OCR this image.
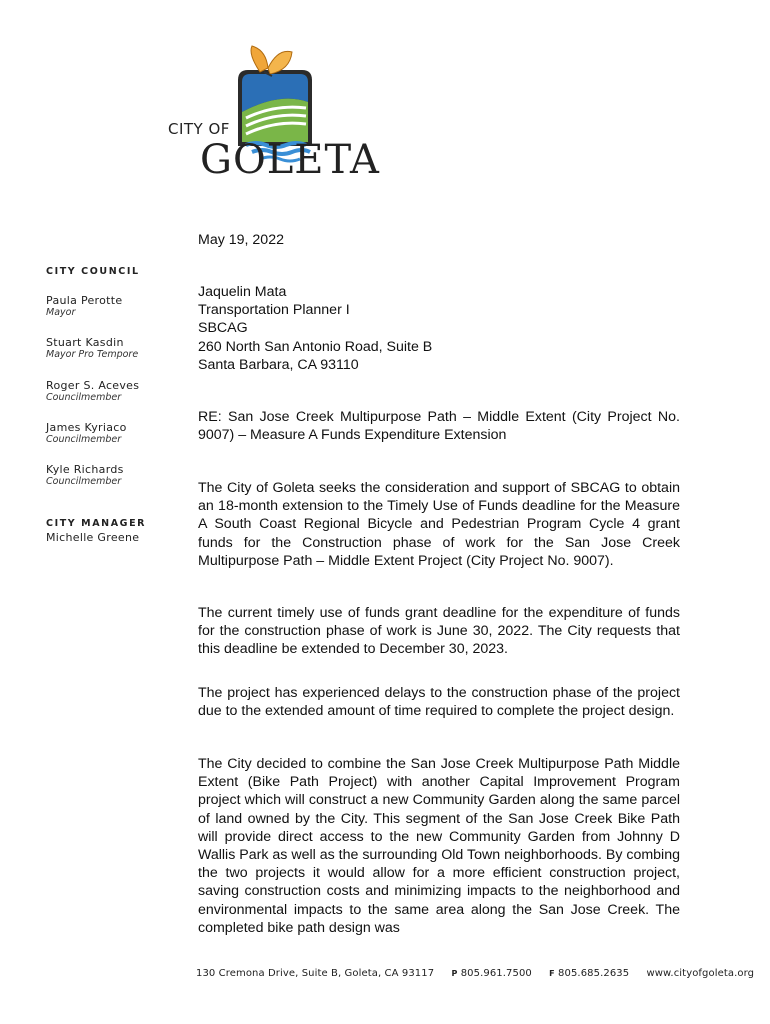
CITY OF
GOLETA
CITY COUNCIL
Paula Perotte
Mayor
Stuart Kasdin
Mayor Pro Tempore
Roger S. Aceves
Councilmember
James Kyriaco
Councilmember
Kyle Richards
Councilmember
CITY MANAGER
Michelle Greene
May 19, 2022
Jaquelin Mata
Transportation Planner I
SBCAG
260 North San Antonio Road, Suite B
Santa Barbara, CA 93110
RE: San Jose Creek Multipurpose Path – Middle Extent (City Project No. 9007) – Measure A Funds Expenditure Extension
The City of Goleta seeks the consideration and support of SBCAG to obtain an 18-month extension to the Timely Use of Funds deadline for the Measure A South Coast Regional Bicycle and Pedestrian Program Cycle 4 grant funds for the Construction phase of work for the San Jose Creek Multipurpose Path – Middle Extent Project (City Project No. 9007).
The current timely use of funds grant deadline for the expenditure of funds for the construction phase of work is June 30, 2022. The City requests that this deadline be extended to December 30, 2023.
The project has experienced delays to the construction phase of the project due to the extended amount of time required to complete the project design.
The City decided to combine the San Jose Creek Multipurpose Path Middle Extent (Bike Path Project) with another Capital Improvement Program project which will construct a new Community Garden along the same parcel of land owned by the City. This segment of the San Jose Creek Bike Path will provide direct access to the new Community Garden from Johnny D Wallis Park as well as the surrounding Old Town neighborhoods. By combing the two projects it would allow for a more efficient construction project, saving construction costs and minimizing impacts to the neighborhood and environmental impacts to the same area along the San Jose Creek. The completed bike path design was
130 Cremona Drive, Suite B, Goleta, CA 93117 P 805.961.7500 F 805.685.2635 www.cityofgoleta.org
